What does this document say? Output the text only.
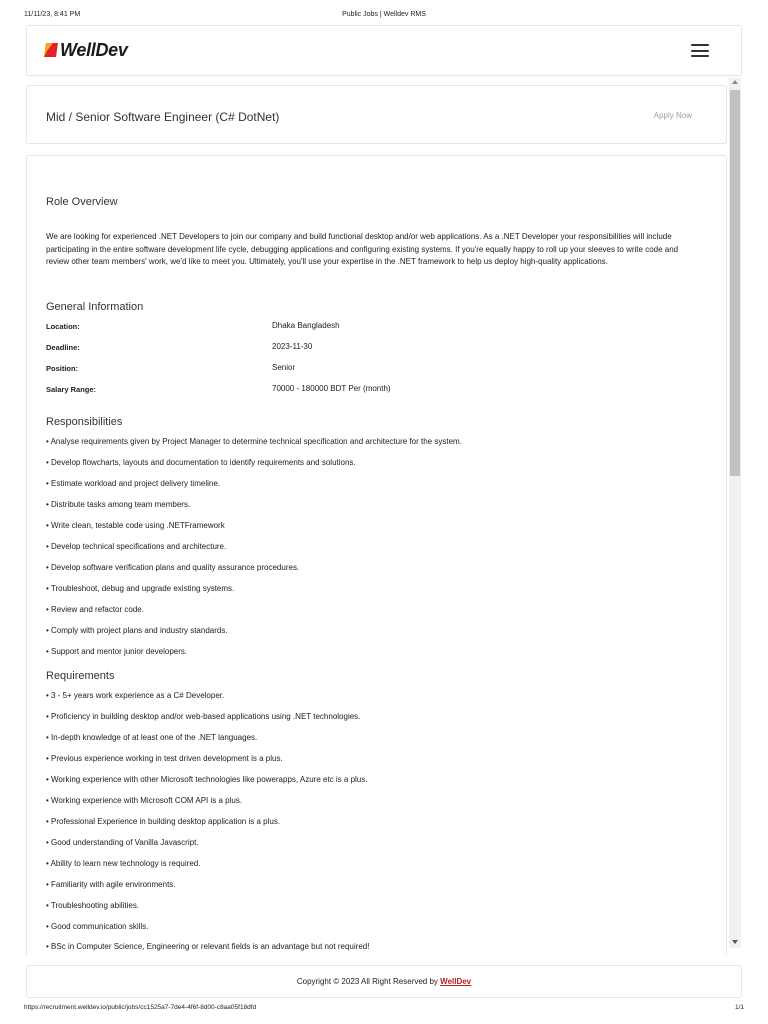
11/11/23, 8:41 PM	Public Jobs | Welldev RMS
WellDev
Mid / Senior Software Engineer (C# DotNet)	Apply Now
Role Overview
We are looking for experienced .NET Developers to join our company and build functional desktop and/or web applications. As a .NET Developer your responsibilities will include participating in the entire software development life cycle, debugging applications and configuring existing systems. If you're equally happy to roll up your sleeves to write code and review other team members' work, we'd like to meet you. Ultimately, you'll use your expertise in the .NET framework to help us deploy high-quality applications.
General Information
Location:	Dhaka Bangladesh
Deadline:	2023-11-30
Position:	Senior
Salary Range:	70000 - 180000 BDT Per (month)
Responsibilities
• Analyse requirements given by Project Manager to determine technical specification and architecture for the system.
• Develop flowcharts, layouts and documentation to identify requirements and solutions.
• Estimate workload and project delivery timeline.
• Distribute tasks among team members.
• Write clean, testable code using .NETFramework
• Develop technical specifications and architecture.
• Develop software verification plans and quality assurance procedures.
• Troubleshoot, debug and upgrade existing systems.
• Review and refactor code.
• Comply with project plans and industry standards.
• Support and mentor junior developers.
Requirements
• 3 - 5+ years work experience as a C# Developer.
• Proficiency in building desktop and/or web-based applications using .NET technologies.
• In-depth knowledge of at least one of the .NET languages.
• Previous experience working in test driven development is a plus.
• Working experience with other Microsoft technologies like powerapps, Azure etc is a plus.
• Working experience with Microsoft COM API is a plus.
• Professional Experience in building desktop application is a plus.
• Good understanding of Vanilla Javascript.
• Ability to learn new technology is required.
• Familiarity with agile environments.
• Troubleshooting abilities.
• Good communication skills.
• BSc in Computer Science, Engineering or relevant fields is an advantage but not required!
Copyright © 2023 All Right Reserved by WellDev
https://recruitment.welldev.io/public/jobs/cc1525a7-7de4-4f6f-8d00-c8aa05f18dfd	1/1
